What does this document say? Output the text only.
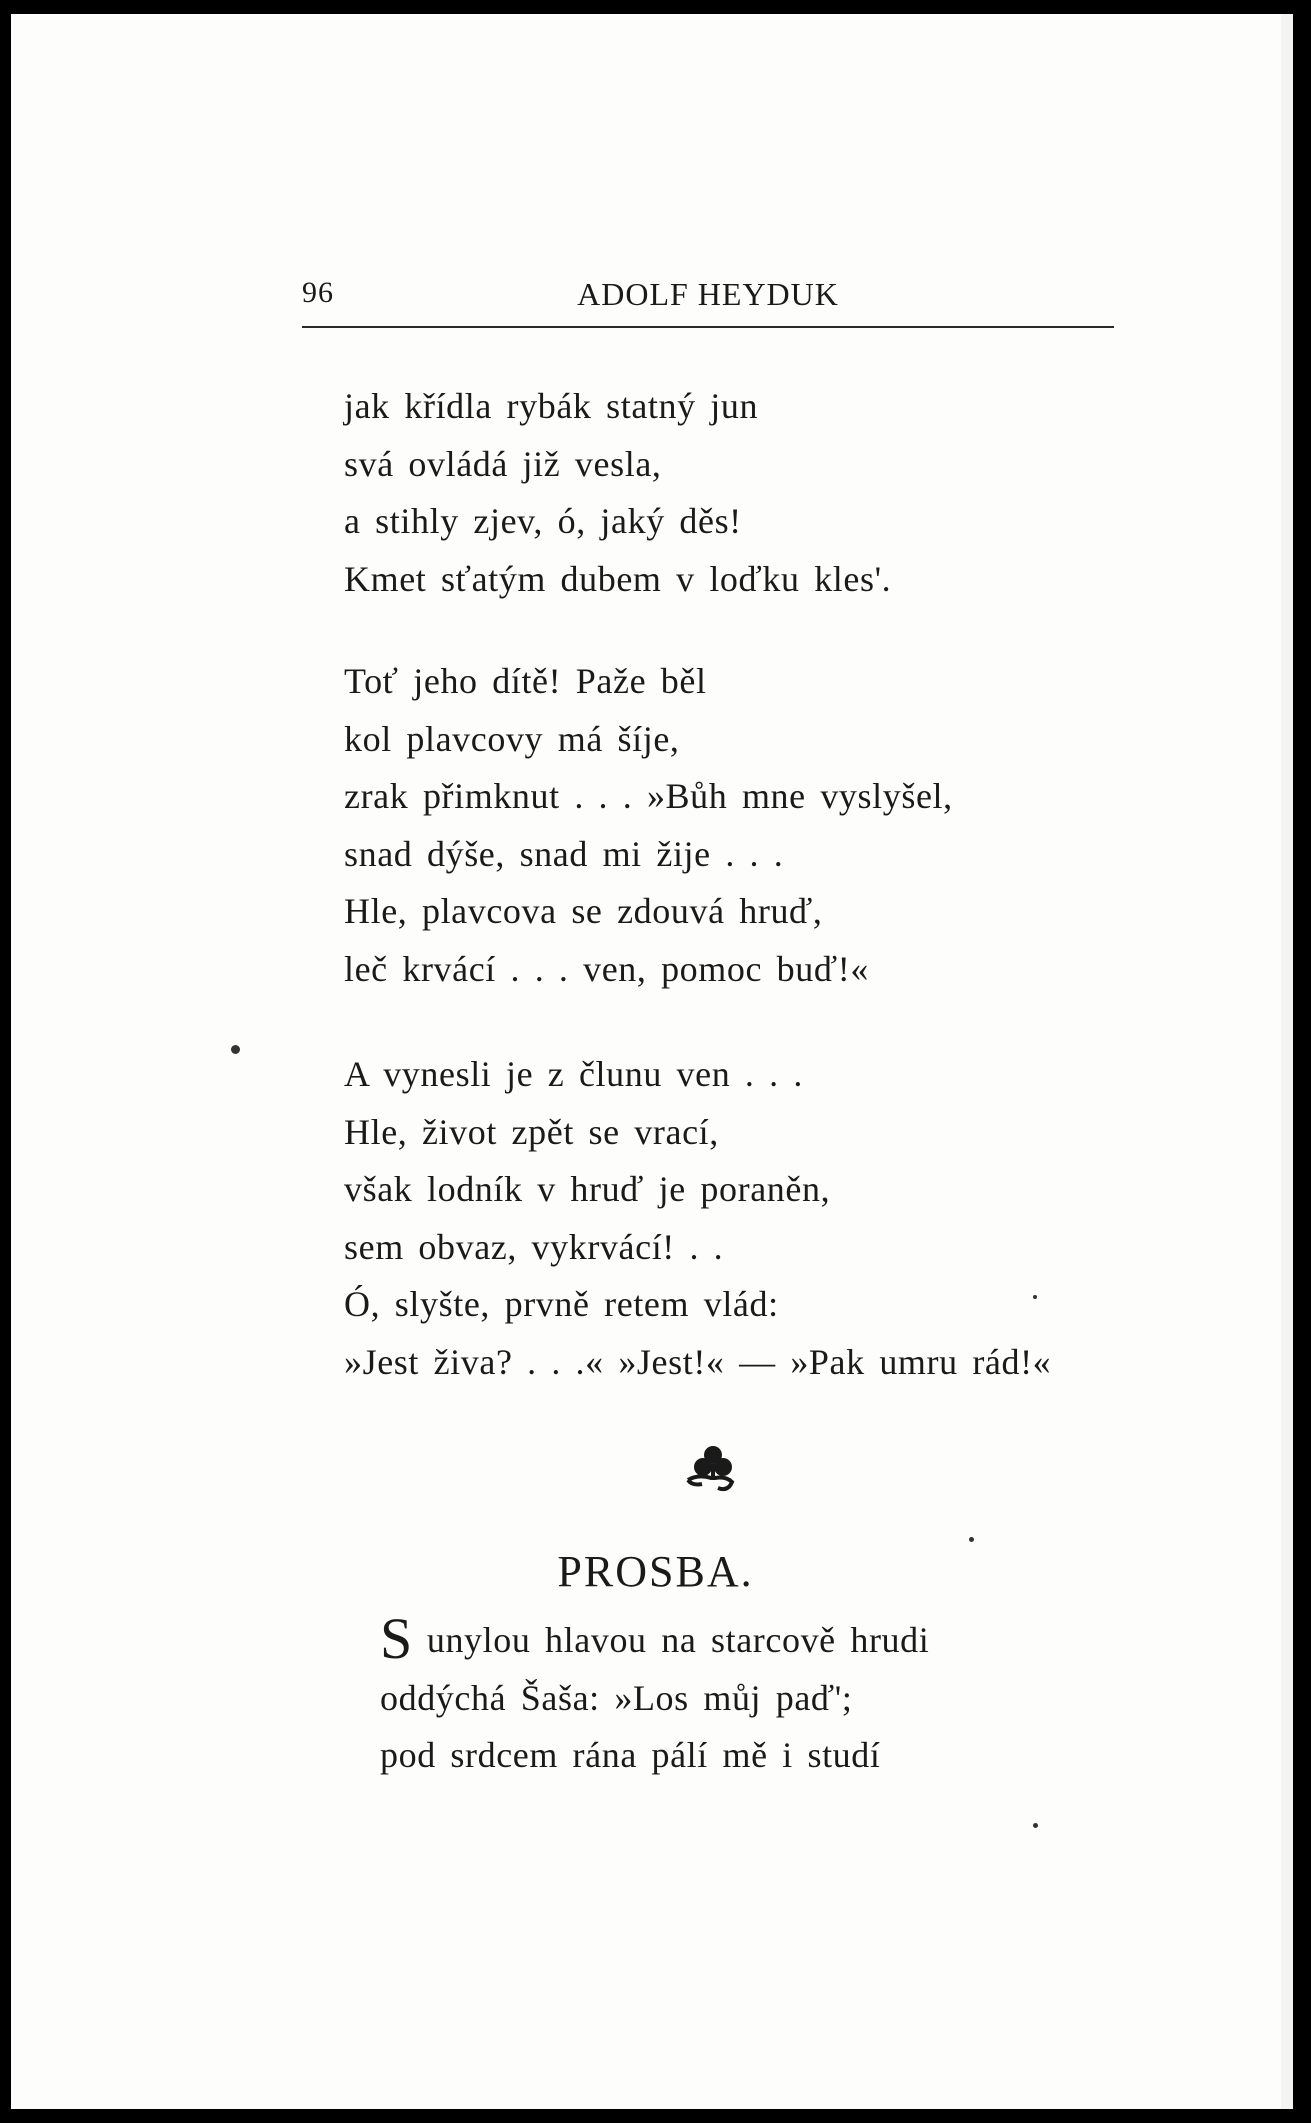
96	ADOLF HEYDUK
jak křídla rybák statný jun
svá ovládá již vesla,
a stihly zjev, ó, jaký děs!
Kmet sťatým dubem v loďku kles'.
Toť jeho dítě! Paže běl
kol plavcovy má šíje,
zrak přimknut . . . »Bůh mne vyslyšel,
snad dýše, snad mi žije . . .
Hle, plavcova se zdouvá hruď,
leč krvácí . . . ven, pomoc buď!«
A vynesli je z člunu ven . . .
Hle, život zpět se vrací,
však lodník v hruď je poraněn,
sem obvaz, vykrvácí! . .
Ó, slyšte, prvně retem vlád:
»Jest živa? . . .« »Jest!« — »Pak umru rád!«
PROSBA.
Sunylou hlavou na starcově hrudi
oddýchá Šaša: »Los můj paď';
pod srdcem rána pálí mě i studí
